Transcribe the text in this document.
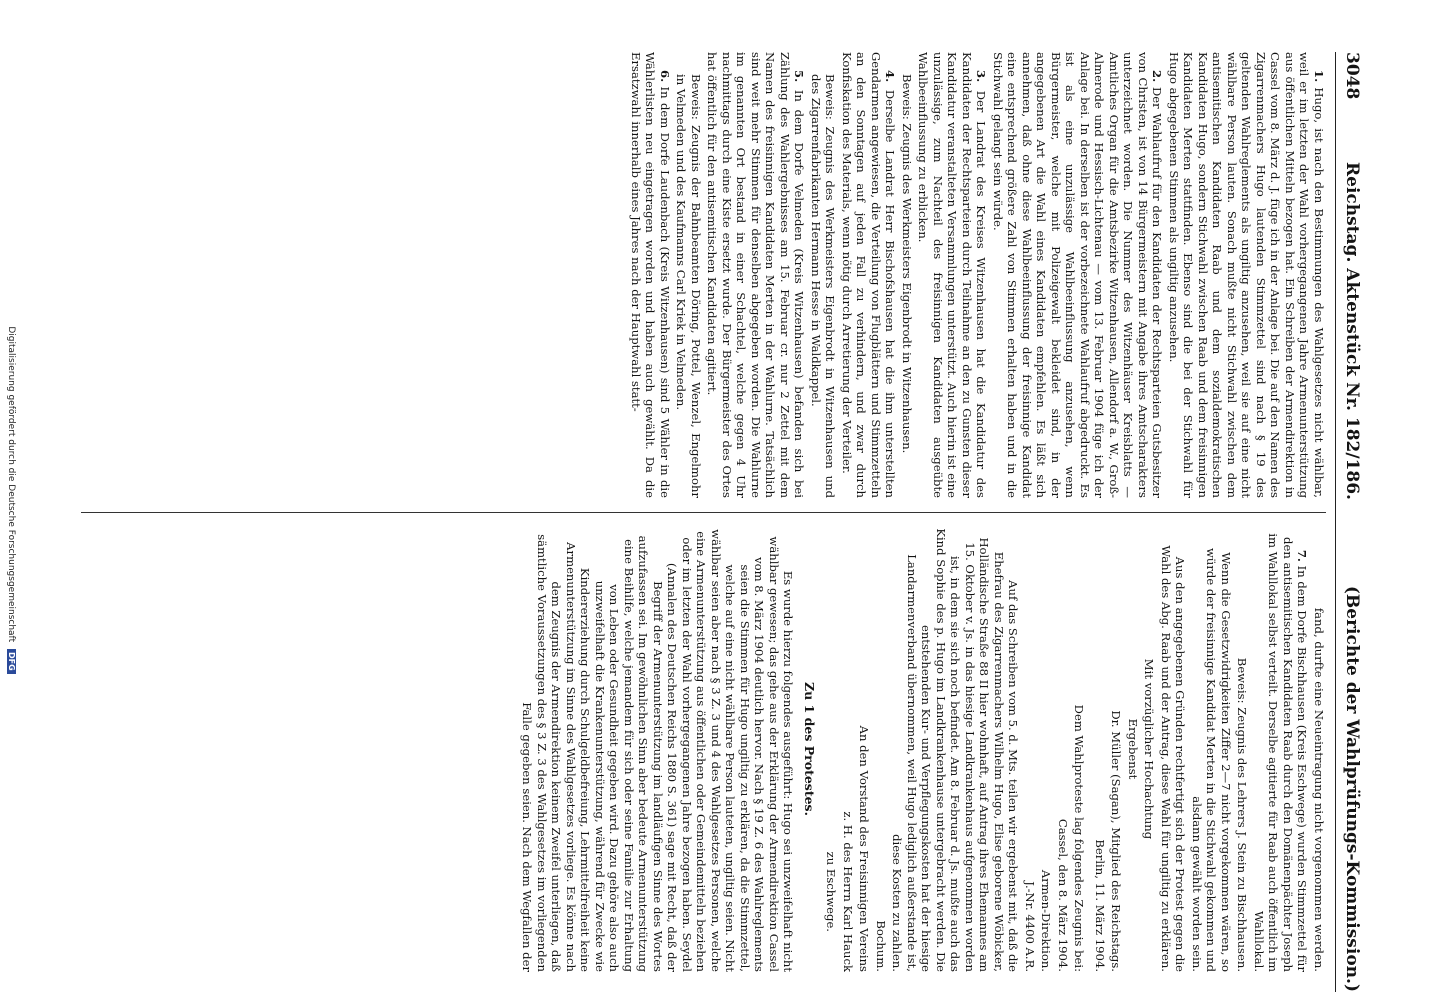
3048
Reichstag. Aktenstück Nr. 182/186.
(Berichte der Wahlprüfungs-Kommission.)

1. Hugo, ist nach den Bestimmungen des Wahlgesetzes nicht wählbar, weil er im letzten der Wahl vorhergegangenen Jahre Armenunterstützung aus öffentlichen Mitteln bezogen hat. Ein Schreiben der Armendirektion in Cassel vom 8. März d. J. füge ich in der Anlage bei. Die auf den Namen des Zigarrenmachers Hugo lautenden Stimmzettel sind nach § 19 des geltenden Wahlreglements als ungiltig anzusehen, weil sie auf eine nicht wählbare Person lauten. Sonach mußte nicht Stichwahl zwischen dem antisemitischen Kandidaten Raab und dem sozialdemokratischen Kandidaten Hugo, sondern Stichwahl zwischen Raab und dem freisinnigen Kandidaten Merten stattfinden. Ebenso sind die bei der Stichwahl für Hugo abgegebenen Stimmen als ungiltig anzusehen.

2. Der Wahlaufruf für den Kandidaten der Rechtsparteien Gutsbesitzer von Christen, ist von 14 Bürgermeistern mit Angabe ihres Amtscharakters unterzeichnet worden. Die Nummer des Witzenhäuser Kreisblatts — Amtliches Organ für die Amtsbezirke Witzenhausen, Allendorf a. W., Groß-Almerode und Hessisch-Lichtenau — vom 13. Februar 1904 füge ich der Anlage bei. In derselben ist der vorbezeichnete Wahlaufruf abgedruckt. Es ist als eine unzulässige Wahlbeeinflussung anzusehen, wenn Bürgermeister, welche mit Polizeigewalt bekleidet sind, in der angegebenen Art die Wahl eines Kandidaten empfehlen. Es läßt sich annehmen, daß ohne diese Wahlbeeinflussung der freisinnige Kandidat eine entsprechend größere Zahl von Stimmen erhalten haben und in die Stichwahl gelangt sein würde.

3. Der Landrat des Kreises Witzenhausen hat die Kandidatur des Kandidaten der Rechtsparteien durch Teilnahme an den zu Gunsten dieser Kandidatur veranstalteten Versammlungen unterstützt. Auch hierin ist eine unzulässige, zum Nachteil des freisinnigen Kandidaten ausgeübte Wahlbeeinflussung zu erblicken.

Beweis: Zeugnis des Werkmeisters Eigenbrodt in Witzenhausen.

4. Derselbe Landrat Herr Bischofshausen hat die ihm unterstellten Gendarmen angewiesen, die Verteilung von Flugblättern und Stimmzetteln an den Sonntagen auf jeden Fall zu verhindern, und zwar durch Konfiskation des Materials, wenn nötig durch Arretierung der Verteiler.

Beweis: Zeugnis des Werkmeisters Eigenbrodt in Witzenhausen und des Zigarrenfabrikanten Hermann Hesse in Waldkappel.

5. In dem Dorfe Velmeden (Kreis Witzenhausen) befanden sich bei Zählung des Wahlergebnisses am 15. Februar cr. nur 2 Zettel mit dem Namen des freisinnigen Kandidaten Merten in der Wahlurne. Tatsächlich sind weit mehr Stimmen für denselben abgegeben worden. Die Wahlurne im genannten Ort bestand in einer Schachtel, welche gegen 4 Uhr nachmittags durch eine Kiste ersetzt wurde. Der Bürgermeister des Ortes hat öffentlich für den antisemitischen Kandidaten agitiert.

Beweis: Zeugnis der Bahnbeamten Döring, Pottel, Wenzel, Engelmohr in Velmeden und des Kaufmanns Carl Kriek in Velmeden.

6. In dem Dorfe Laudenbach (Kreis Witzenhausen) sind 5 Wähler in die Wählerlisten neu eingetragen worden und haben auch gewählt. Da die Ersatzwahl innerhalb eines Jahres nach der Hauptwahl statt-

fand, durfte eine Neueintragung nicht vorgenommen werden.

7. In dem Dorfe Bischhausen (Kreis Eschwege) wurden Stimmzettel für den antisemitischen Kandidaten Raab durch den Domänenpächter Joseph im Wahllokal selbst verteilt. Derselbe agitierte für Raab auch öffentlich im Wahllokal.

Beweis: Zeugnis des Lehrers J. Stein zu Bischhausen.

Wenn die Gesetzwidrigkeiten Ziffer 2—7 nicht vorgekommen wären, so würde der freisinnige Kandidat Merten in die Stichwahl gekommen und alsdann gewählt worden sein.

Aus den angegebenen Gründen rechtfertigt sich der Protest gegen die Wahl des Abg. Raab und der Antrag, diese Wahl für ungiltig zu erklären.

Mit vorzüglicher Hochachtung

Ergebenst

Dr. Müller (Sagan), Mitglied des Reichstags.

Berlin, 11. März 1904.

Dem Wahlproteste lag folgendes Zeugnis bei:

Cassel, den 8. März 1904.

Armen-Direktion.

J.-Nr. 4400 A.R.

Auf das Schreiben vom 5. d. Mts. teilen wir ergebenst mit, daß die Ehefrau des Zigarrenmachers Wilhelm Hugo, Elise geborene Wöbicker, Holländische Straße 88 II hier wohnhaft, auf Antrag ihres Ehemannes am 15. Oktober v. Js. in das hiesige Landkrankenhaus aufgenommen worden ist, in dem sie sich noch befindet. Am 8. Februar d. Js. mußte auch das Kind Sophie des p. Hugo im Landkrankenhause untergebracht werden. Die entstehenden Kur- und Verpflegungskosten hat der hiesige Landarmenverband übernommen, weil Hugo lediglich außerstande ist, diese Kosten zu zahlen.

Bochum.

An den Vorstand des Freisinnigen Vereins

z. H. des Herrn Karl Hauck

zu Eschwege.

Zu 1 des Protestes.

Es wurde hierzu folgendes ausgeführt: Hugo sei unzweifelhaft nicht wählbar gewesen; das gehe aus der Erklärung der Armendirektion Cassel vom 8. März 1904 deutlich hervor. Nach § 19 Z. 6 des Wahlreglements seien die Stimmen für Hugo ungiltig zu erklären, da die Stimmzettel, welche auf eine nicht wählbare Person lauteten, ungiltig seien. Nicht wählbar seien aber nach § 3 Z. 3 und 4 des Wahlgesetzes Personen, welche eine Armenunterstützung aus öffentlichen oder Gemeindemitteln beziehen oder im letzten der Wahl vorhergegangenen Jahre bezogen haben. Seydel (Annalen des Deutschen Reichs 1880 S. 361) sage mit Recht, daß der Begriff der Armenunterstützung im landläufigen Sinne des Wortes aufzufassen sei. Im gewöhnlichen Sinn aber bedeute Armenunterstützung eine Beihilfe, welche jemandem für sich oder seine Familie zur Erhaltung von Leben oder Gesundheit gegeben wird. Dazu gehöre also auch unzweifelhaft die Krankenunterstützung, während für Zwecke wie Kindererziehung durch Schulgeldbefreiung, Lehrmittelfreiheit keine Armenunterstützung im Sinne des Wahlgesetzes vorliege. Es könne nach dem Zeugnis der Armendirektion keinem Zweifel unterliegen, daß sämtliche Voraussetzungen des § 3 Z. 3 des Wahlgesetzes im vorliegenden Falle gegeben seien. Nach dem Wegfallen der

Digitalisierung gefördert durch die Deutsche Forschungsgemeinschaft DFG
